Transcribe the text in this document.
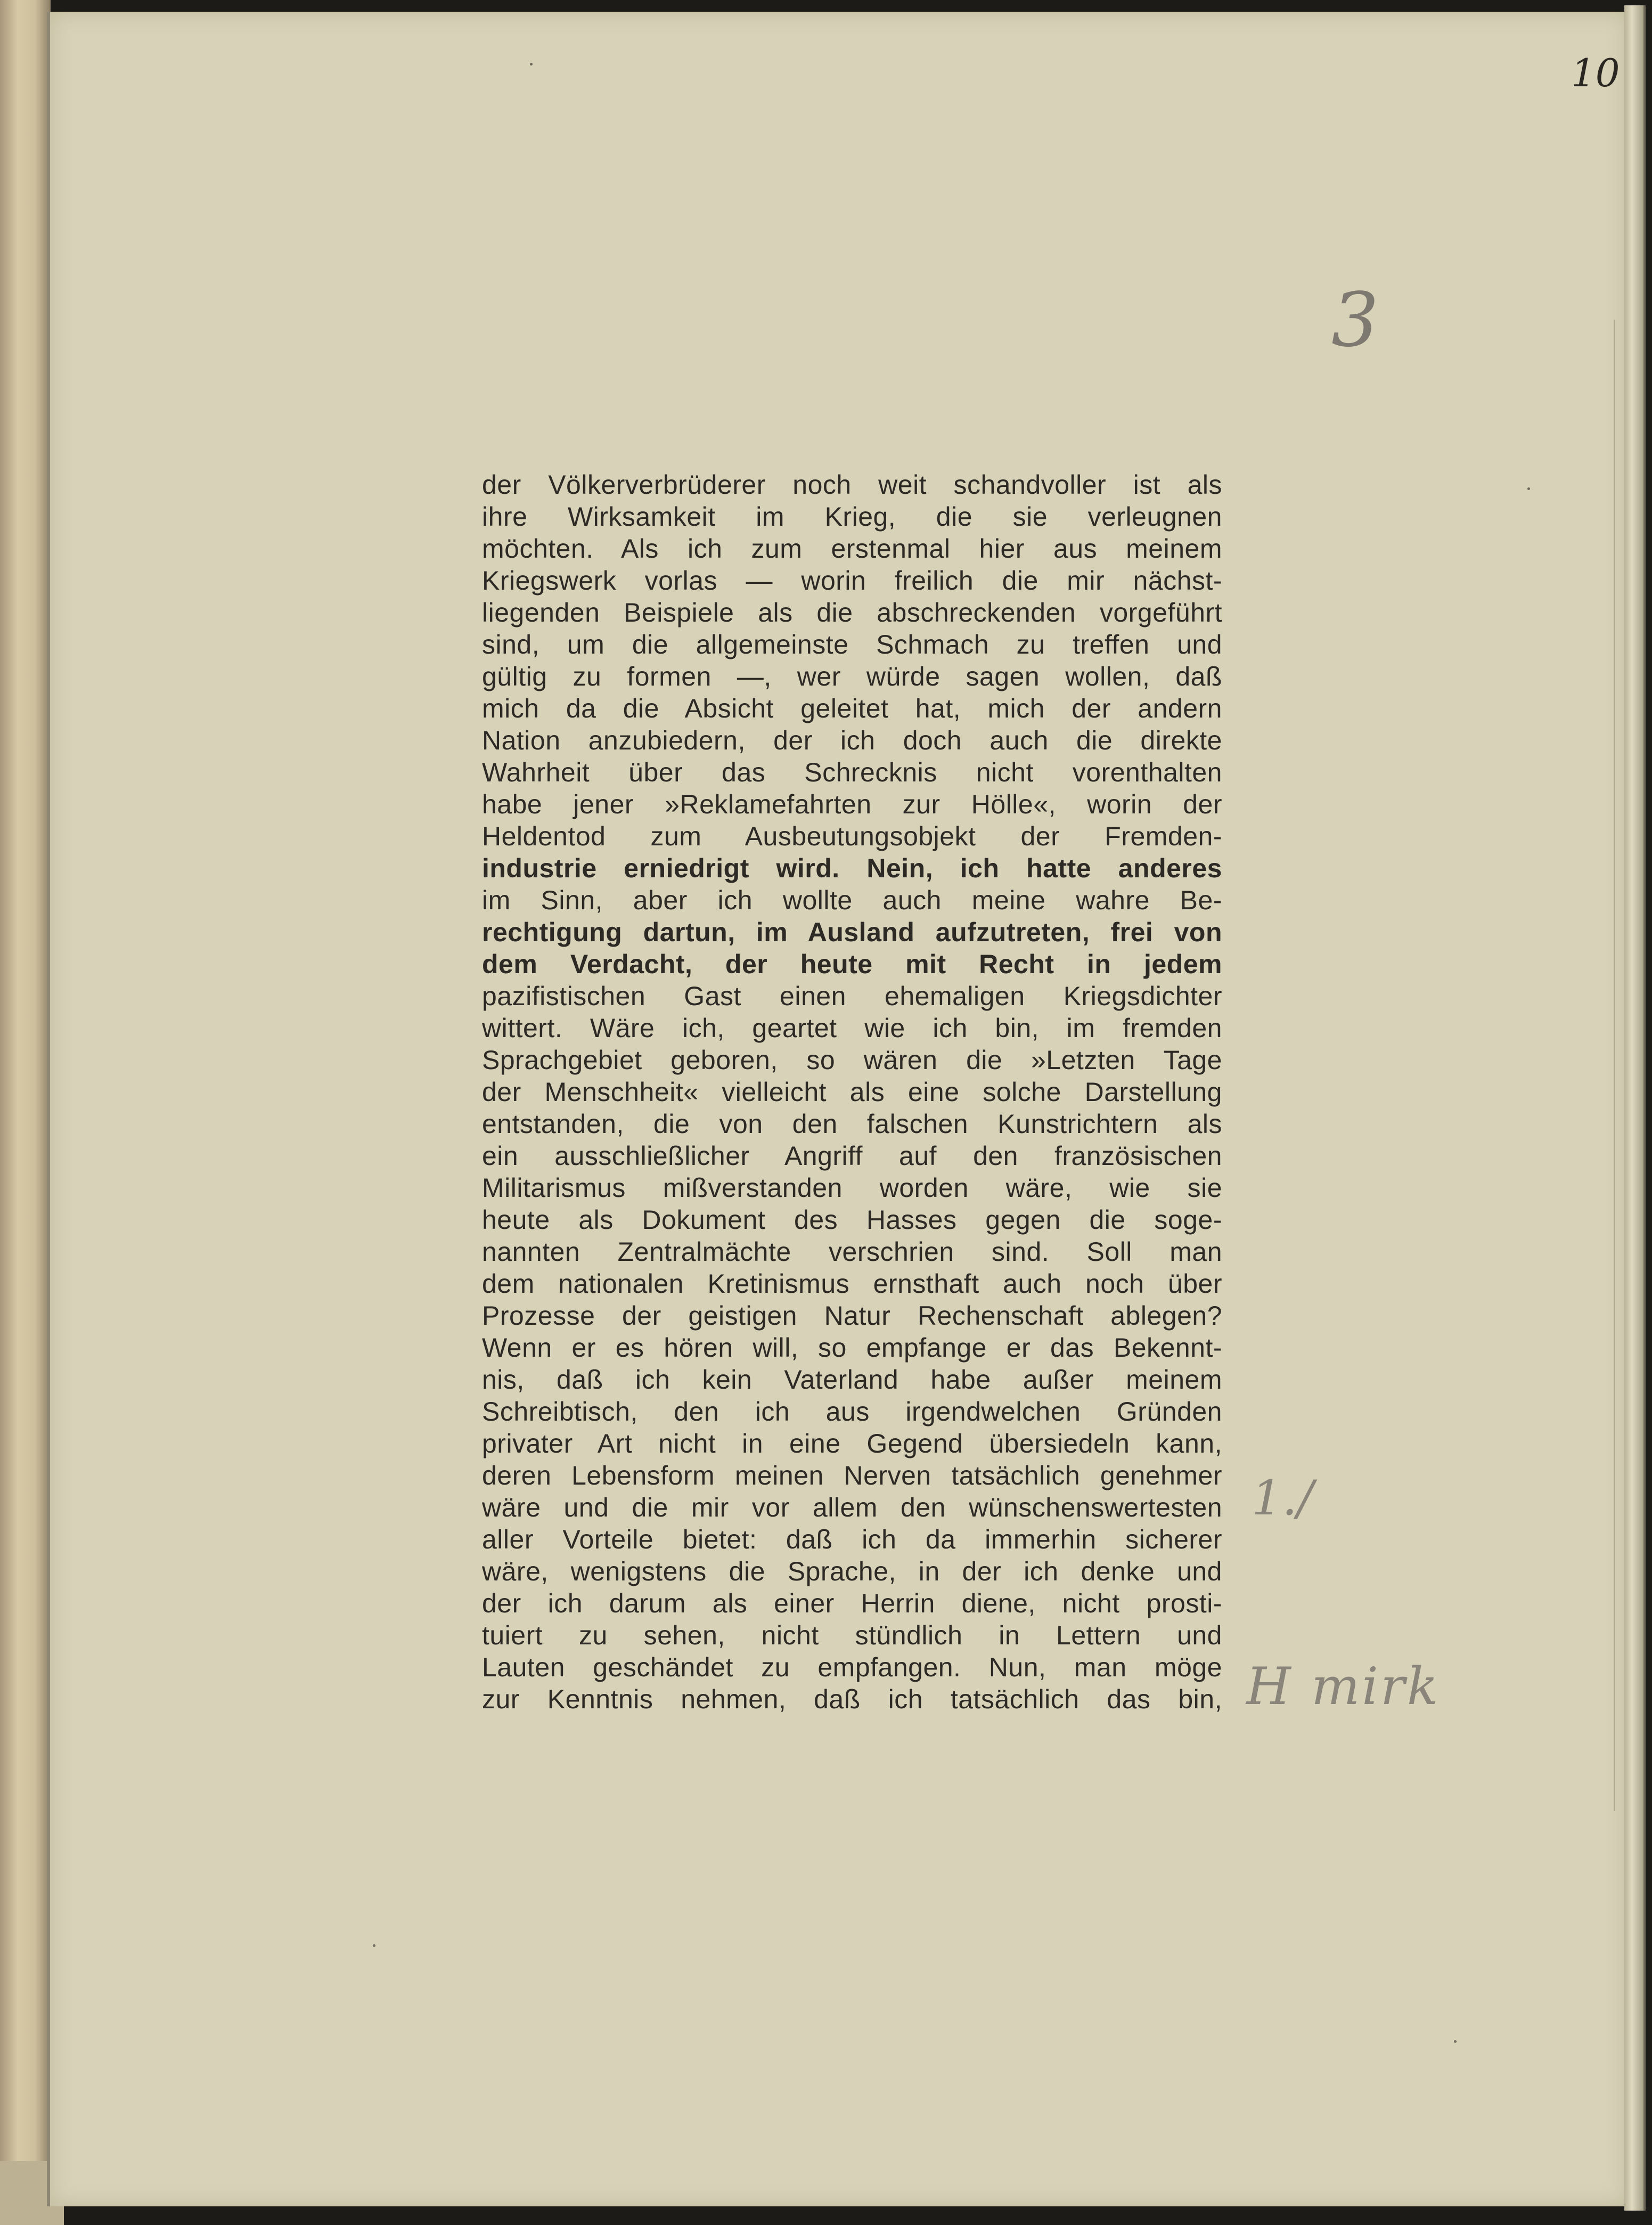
10
3
1./
H mirk
der Völkerverbrüderer noch weit schandvoller ist als
ihre Wirksamkeit im Krieg, die sie verleugnen
möchten. Als ich zum erstenmal hier aus meinem
Kriegswerk vorlas — worin freilich die mir nächst-
liegenden Beispiele als die abschreckenden vorgeführt
sind, um die allgemeinste Schmach zu treffen und
gültig zu formen —, wer würde sagen wollen, daß
mich da die Absicht geleitet hat, mich der andern
Nation anzubiedern, der ich doch auch die direkte
Wahrheit über das Schrecknis nicht vorenthalten
habe jener »Reklamefahrten zur Hölle«, worin der
Heldentod zum Ausbeutungsobjekt der Fremden-
industrie erniedrigt wird. Nein, ich hatte anderes
im Sinn, aber ich wollte auch meine wahre Be-
rechtigung dartun, im Ausland aufzutreten, frei von
dem Verdacht, der heute mit Recht in jedem
pazifistischen Gast einen ehemaligen Kriegsdichter
wittert. Wäre ich, geartet wie ich bin, im fremden
Sprachgebiet geboren, so wären die »Letzten Tage
der Menschheit« vielleicht als eine solche Darstellung
entstanden, die von den falschen Kunstrichtern als
ein ausschließlicher Angriff auf den französischen
Militarismus mißverstanden worden wäre, wie sie
heute als Dokument des Hasses gegen die soge-
nannten Zentralmächte verschrien sind. Soll man
dem nationalen Kretinismus ernsthaft auch noch über
Prozesse der geistigen Natur Rechenschaft ablegen?
Wenn er es hören will, so empfange er das Bekennt-
nis, daß ich kein Vaterland habe außer meinem
Schreibtisch, den ich aus irgendwelchen Gründen
privater Art nicht in eine Gegend übersiedeln kann,
deren Lebensform meinen Nerven tatsächlich genehmer
wäre und die mir vor allem den wünschenswertesten
aller Vorteile bietet: daß ich da immerhin sicherer
wäre, wenigstens die Sprache, in der ich denke und
der ich darum als einer Herrin diene, nicht prosti-
tuiert zu sehen, nicht stündlich in Lettern und
Lauten geschändet zu empfangen. Nun, man möge
zur Kenntnis nehmen, daß ich tatsächlich das bin,
